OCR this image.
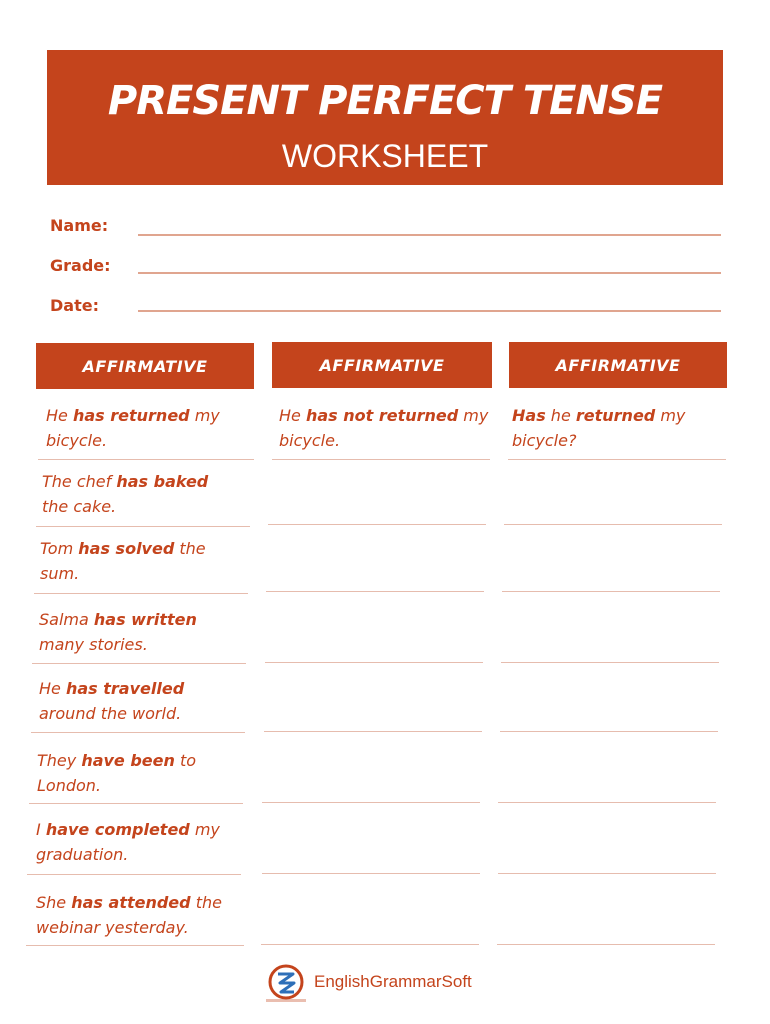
PRESENT PERFECT TENSE
WORKSHEET
Name:
Grade:
Date:
AFFIRMATIVE	AFFIRMATIVE	AFFIRMATIVE
He has returned my bicycle.
He has not returned my bicycle.
Has he returned my bicycle?
The chef has baked
the cake.
Tom has solved the
sum.
Salma has written
many stories.
He has travelled
around the world.
They have been to
London.
I have completed my
graduation.
She has attended the
webinar yesterday.
EnglishGrammarSoft
